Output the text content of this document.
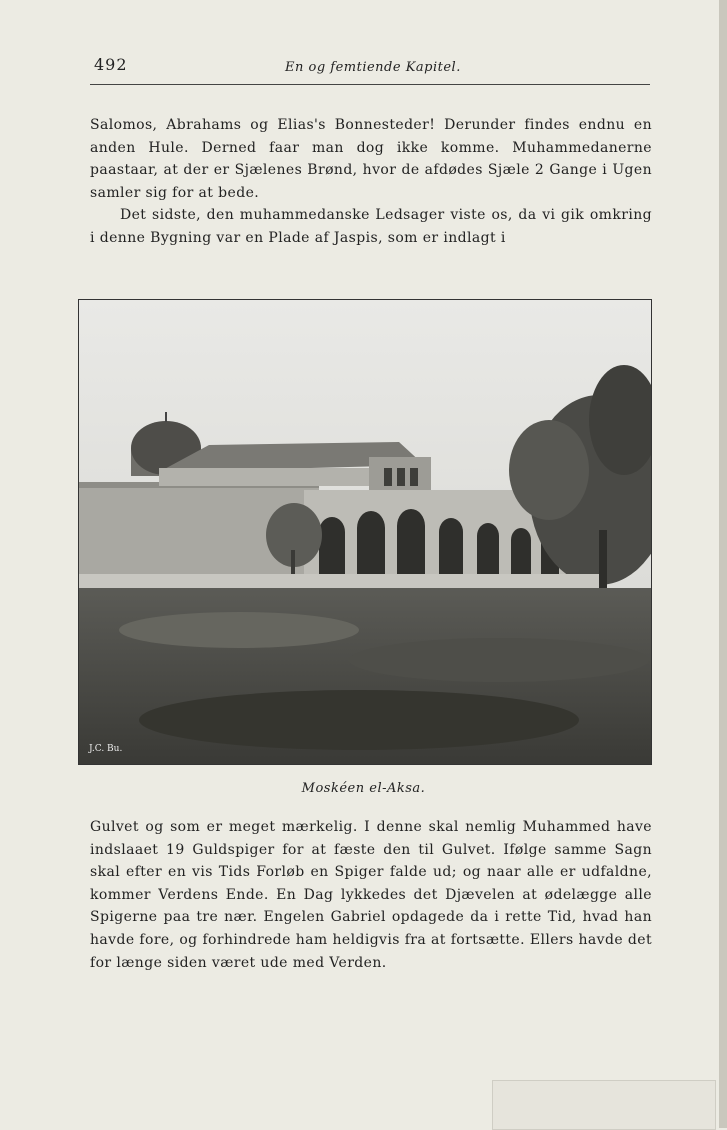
492	En og femtiende Kapitel.

Salomos, Abrahams og Elias's Bonnesteder! Derunder findes endnu en anden Hule. Derned faar man dog ikke komme. Muhammedanerne paastaar, at der er Sjælenes Brønd, hvor de afdødes Sjæle 2 Gange i Ugen samler sig for at bede.

Det sidste, den muhammedanske Ledsager viste os, da vi gik omkring i denne Bygning var en Plade af Jaspis, som er indlagt i

J.C. Bu.
Moskéen el-Aksa.

Gulvet og som er meget mærkelig. I denne skal nemlig Muhammed have indslaaet 19 Guldspiger for at fæste den til Gulvet. Ifølge samme Sagn skal efter en vis Tids Forløb en Spiger falde ud; og naar alle er udfaldne, kommer Verdens Ende. En Dag lykkedes det Djævelen at ødelægge alle Spigerne paa tre nær. Engelen Gabriel opdagede da i rette Tid, hvad han havde fore, og forhindrede ham heldigvis fra at fortsætte. Ellers havde det for længe siden været ude med Verden.
